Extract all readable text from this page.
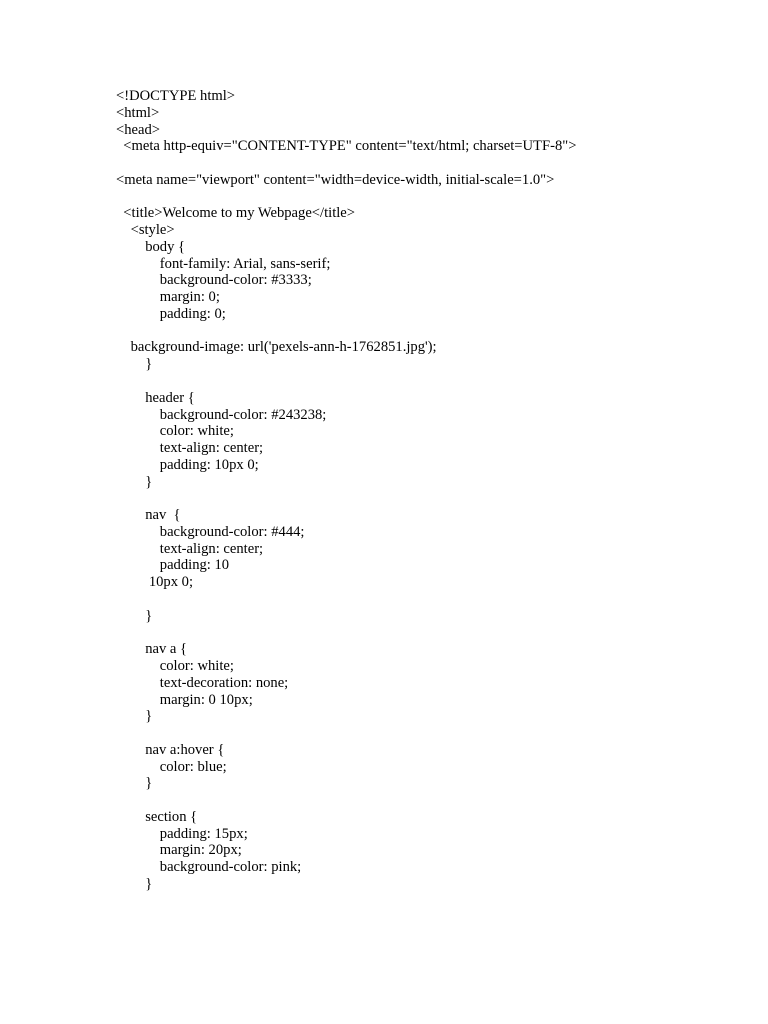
<!DOCTYPE html>
<html>
<head>
<meta http-equiv="CONTENT-TYPE" content="text/html; charset=UTF-8">
<meta name="viewport" content="width=device-width, initial-scale=1.0">
<title>Welcome to my Webpage</title>
<style>
body {
font-family: Arial, sans-serif;
background-color: #3333;
margin: 0;
padding: 0;
background-image: url('pexels-ann-h-1762851.jpg');
}
header {
background-color: #243238;
color: white;
text-align: center;
padding: 10px 0;
}
nav  {
background-color: #444;
text-align: center;
padding: 10
10px 0;
}
nav a {
color: white;
text-decoration: none;
margin: 0 10px;
}
nav a:hover {
color: blue;
}
section {
padding: 15px;
margin: 20px;
background-color: pink;
}
